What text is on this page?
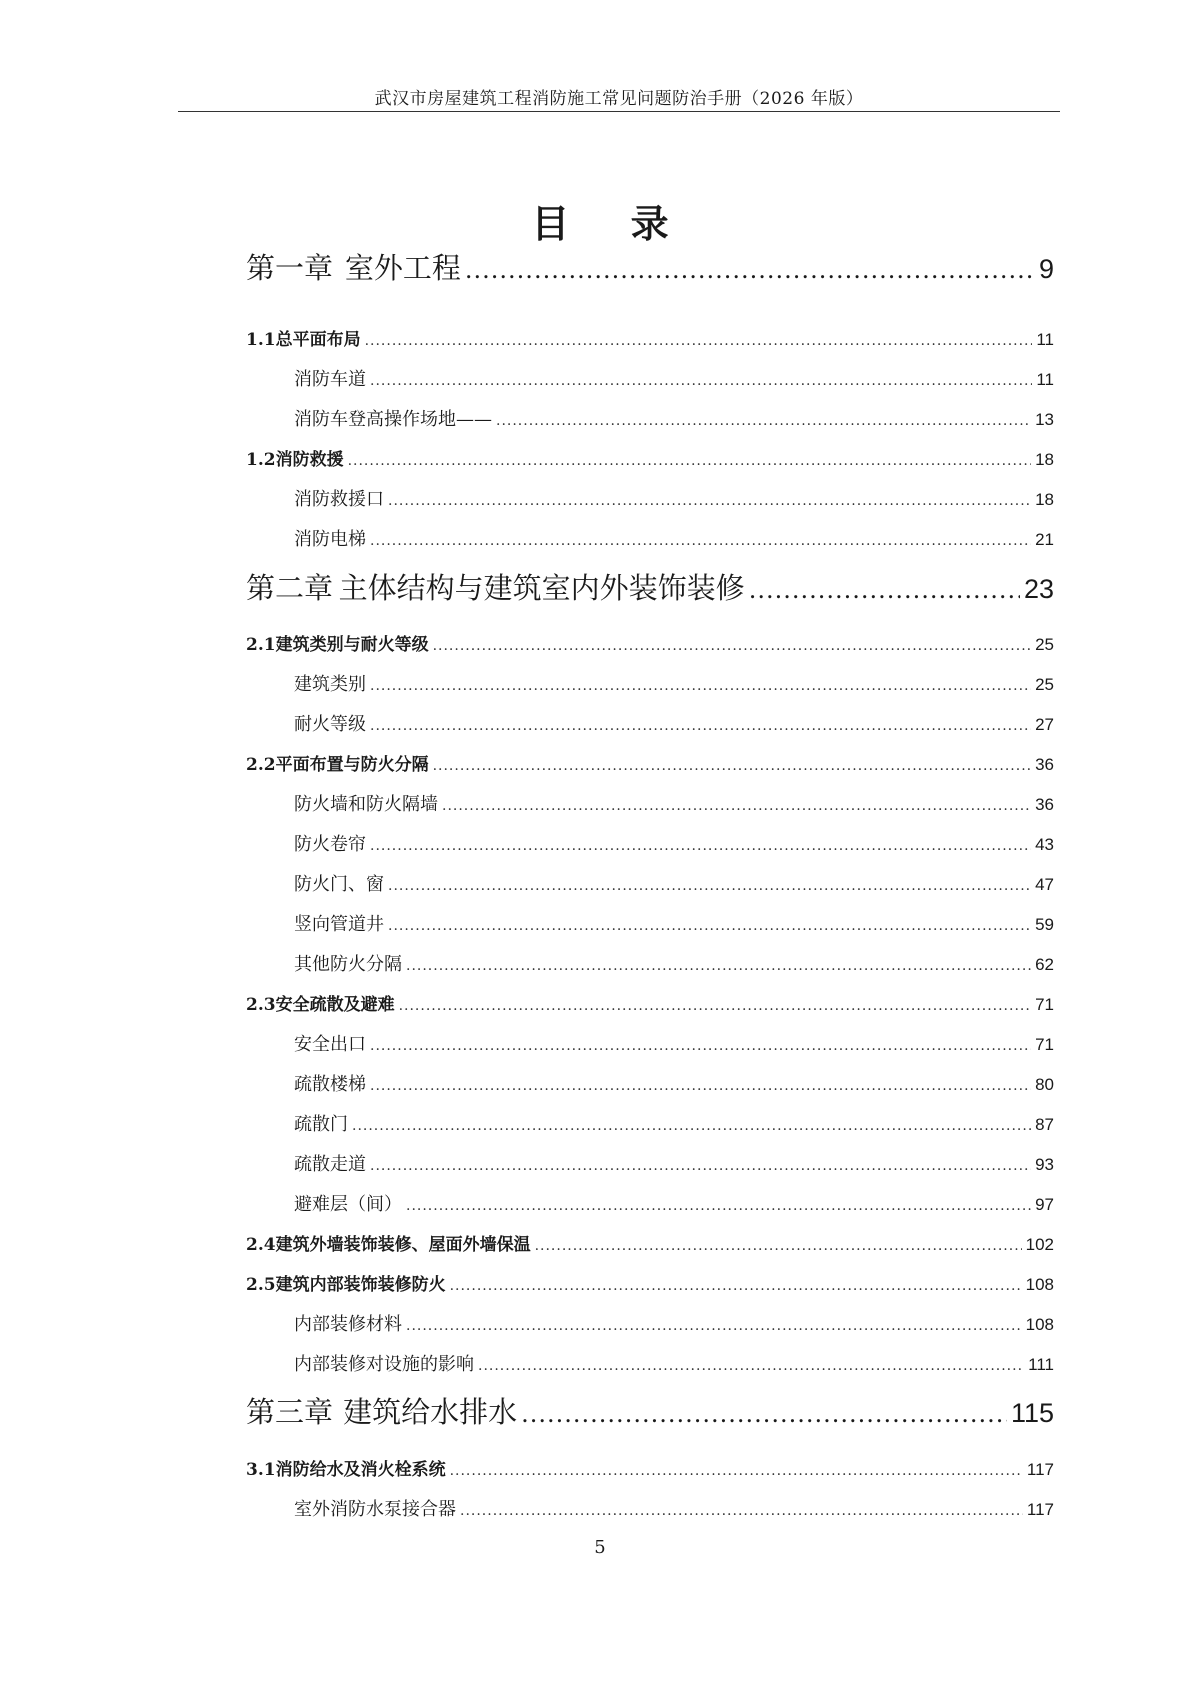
武汉市房屋建筑工程消防施工常见问题防治手册（2026 年版）
目 录
第一章 室外工程 .....	9
1.1 总平面布局 .....	11
消防车道 .....	11
消防车登高操作场地—— .....	13
1.2 消防救援 .....	18
消防救援口 .....	18
消防电梯 .....	21
第二章 主体结构与建筑室内外装饰装修 .....	23
2.1 建筑类别与耐火等级 .....	25
建筑类别 .....	25
耐火等级 .....	27
2.2 平面布置与防火分隔 .....	36
防火墙和防火隔墙 .....	36
防火卷帘 .....	43
防火门、窗 .....	47
竖向管道井 .....	59
其他防火分隔 .....	62
2.3 安全疏散及避难 .....	71
安全出口 .....	71
疏散楼梯 .....	80
疏散门 .....	87
疏散走道 .....	93
避难层（间） .....	97
2.4 建筑外墙装饰装修、屋面外墙保温 .....	102
2.5 建筑内部装饰装修防火 .....	108
内部装修材料 .....	108
内部装修对设施的影响 .....	111
第三章 建筑给水排水 .....	115
3.1 消防给水及消火栓系统 .....	117
室外消防水泵接合器 .....	117
5
